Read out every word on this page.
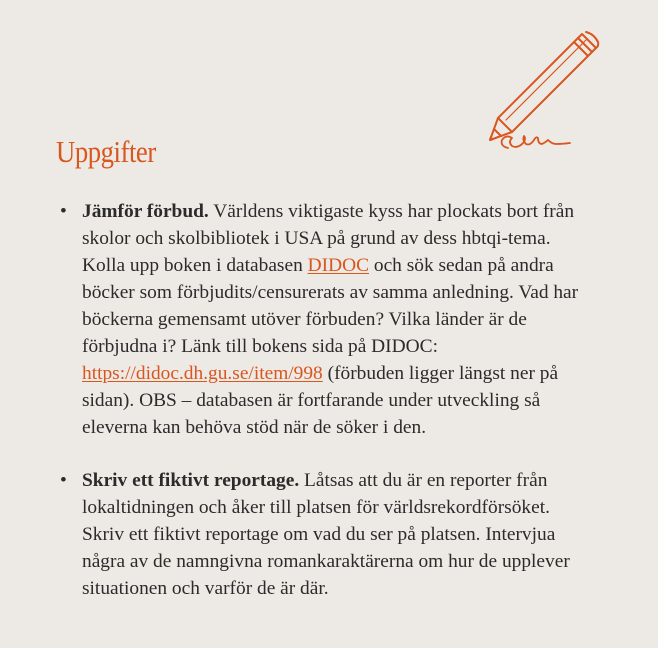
Uppgifter
• Jämför förbud. Världens viktigaste kyss har plockats bort från skolor och skolbibliotek i USA på grund av dess hbtqi-tema. Kolla upp boken i databasen DIDOC och sök sedan på andra böcker som förbjudits/censurerats av samma anledning. Vad har böckerna gemensamt utöver förbuden? Vilka länder är de förbjudna i? Länk till bokens sida på DIDOC: https://didoc.dh.gu.se/item/998 (förbuden ligger längst ner på sidan). OBS – databasen är fortfarande under utveckling så eleverna kan behöva stöd när de söker i den.
• Skriv ett fiktivt reportage. Låtsas att du är en reporter från lokaltidningen och åker till platsen för världsrekordförsöket. Skriv ett fiktivt reportage om vad du ser på platsen. Intervjua några av de namngivna romankaraktärerna om hur de upplever situationen och varför de är där.
